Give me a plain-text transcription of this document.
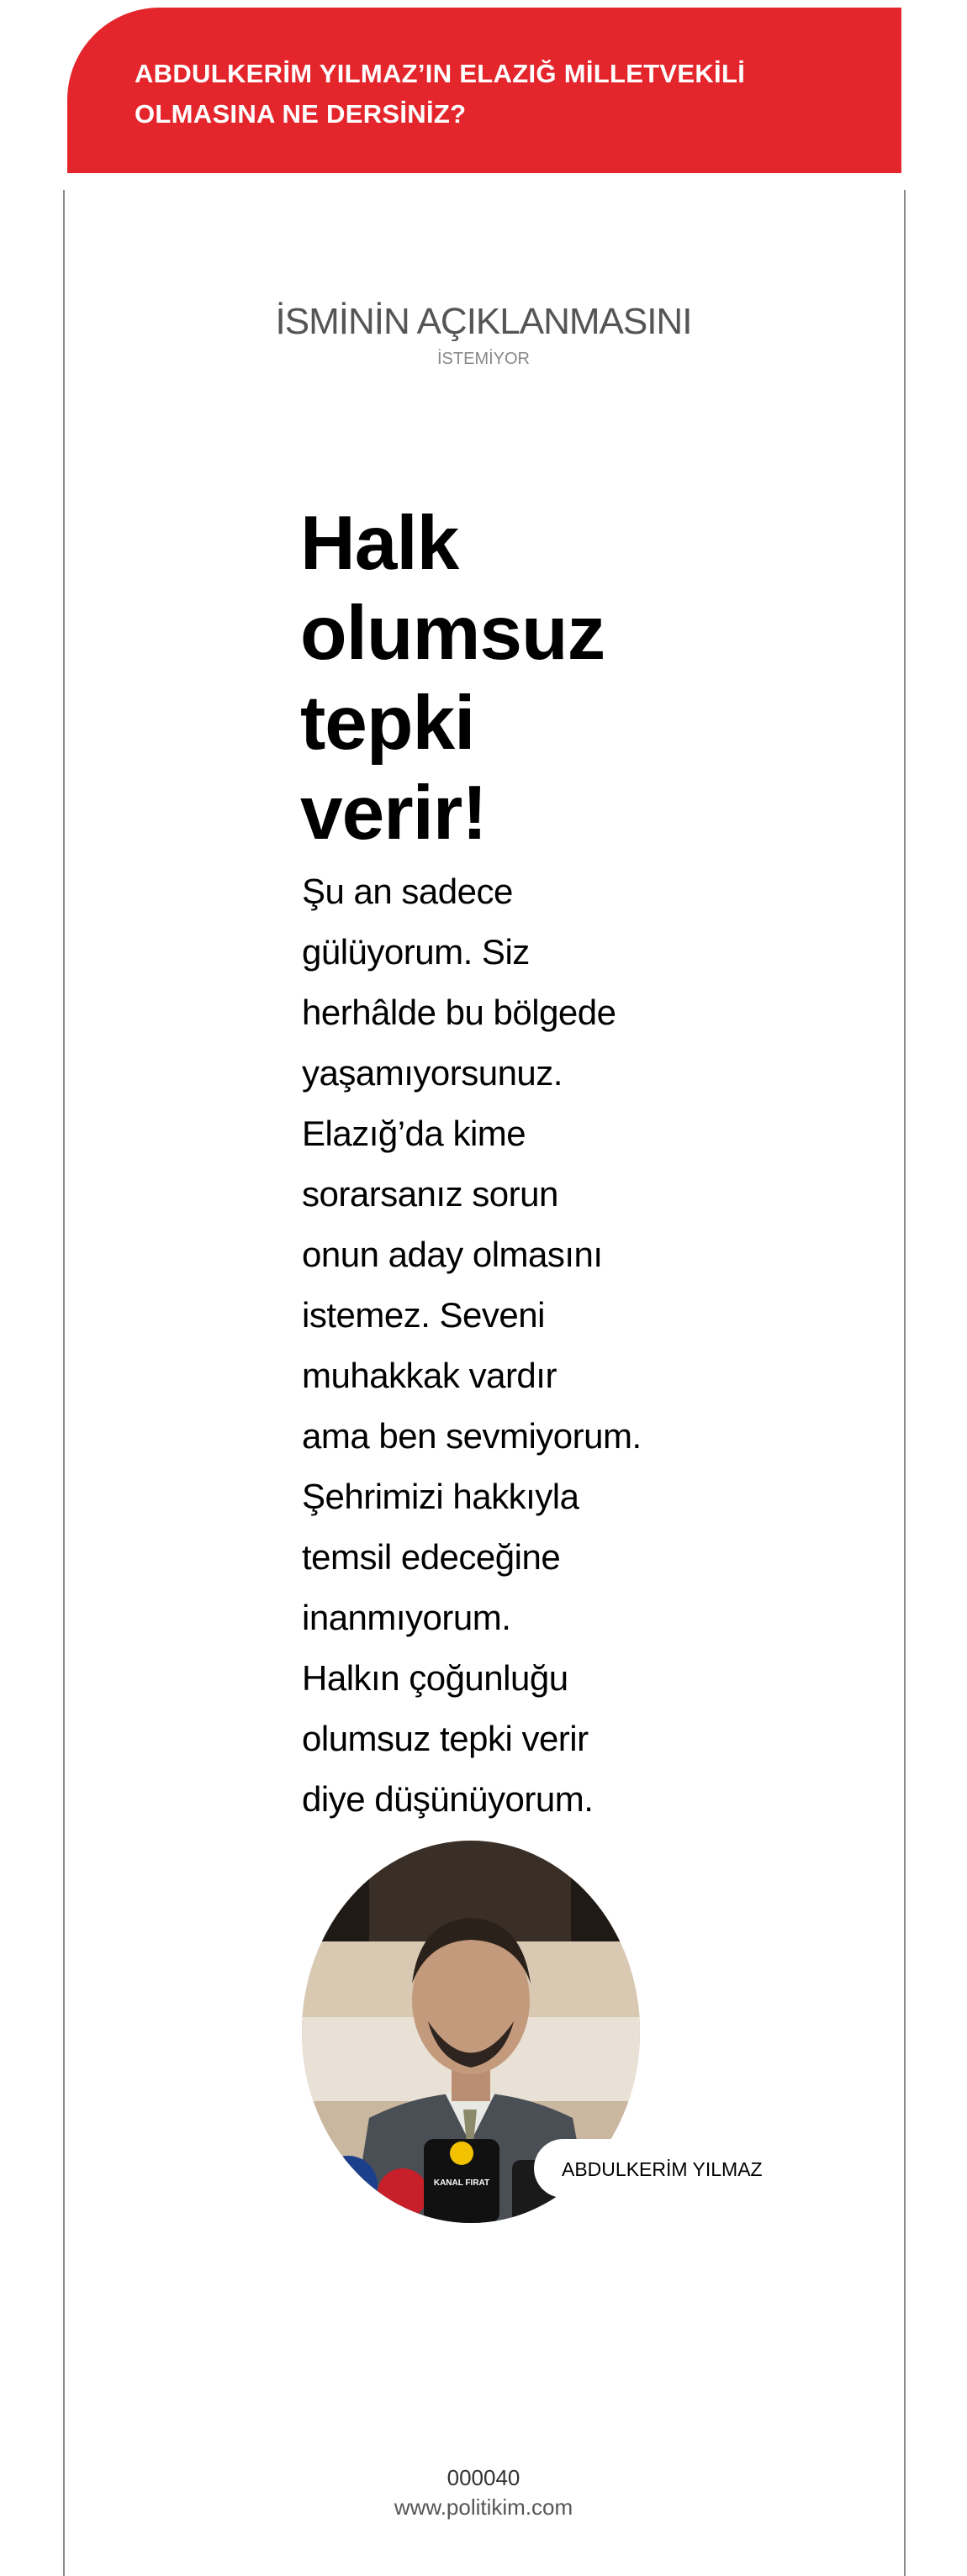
ABDULKERİM YILMAZ’IN ELAZIĞ MİLLETVEKİLİ OLMASINA NE DERSİNİZ?

İSMİNİN AÇIKLANMASINI

İSTEMİYOR

Halk olumsuz tepki verir!

Şu an sadece
gülüyorum. Siz
herhâlde bu bölgede
yaşamıyorsunuz.
Elazığ’da kime
sorarsanız sorun
onun aday olmasını
istemez. Seveni
muhakkak vardır
ama ben sevmiyorum.
Şehrimizi hakkıyla
temsil edeceğine
inanmıyorum.
Halkın çoğunluğu
olumsuz tepki verir
diye düşünüyorum.

KANAL FIRAT

ABDULKERİM YILMAZ

000040

www.politikim.com
